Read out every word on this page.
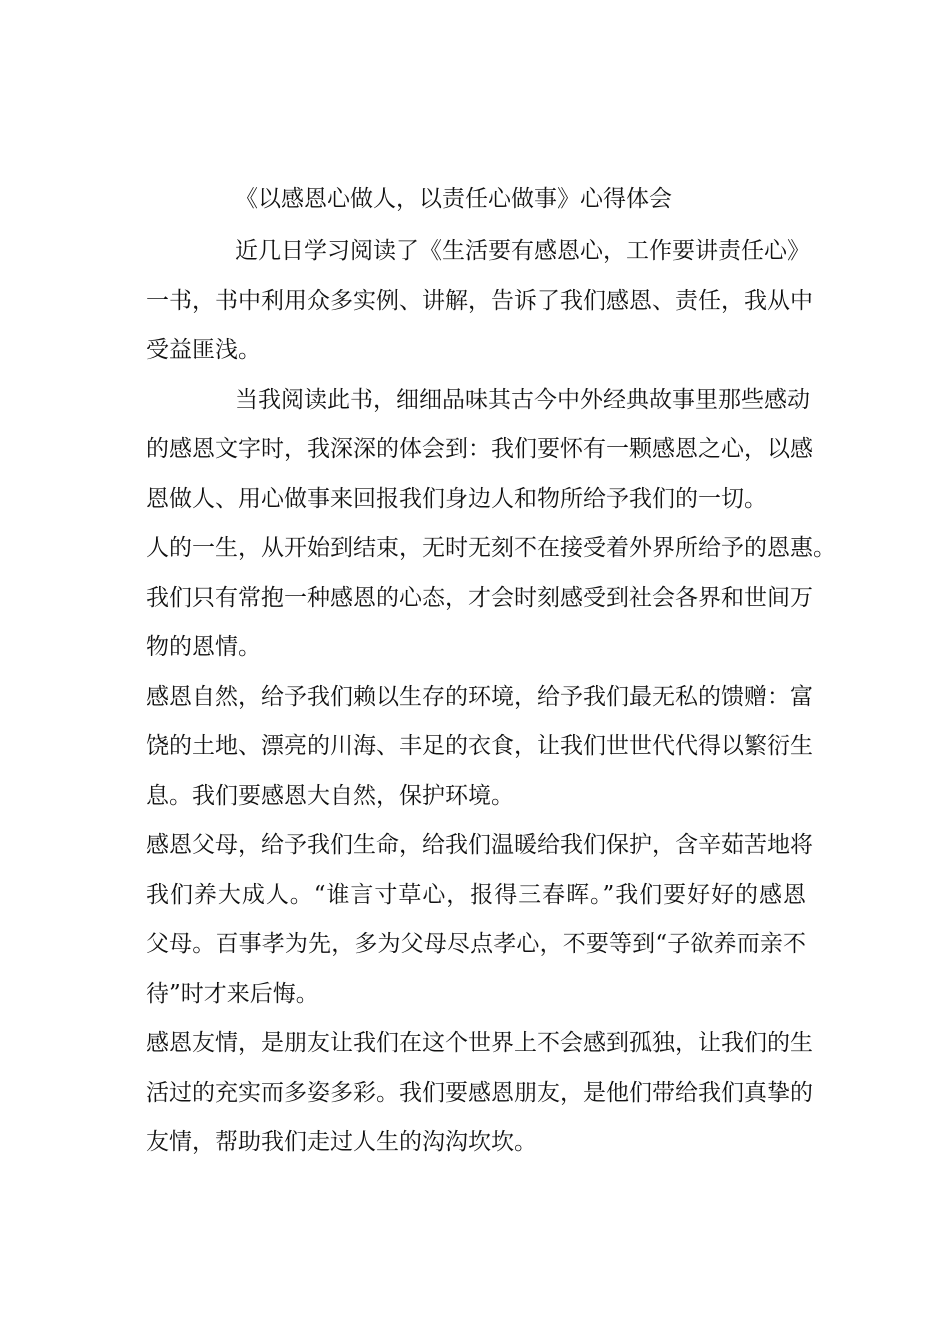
《以感恩心做人，以责任心做事》心得体会
近几日学习阅读了《生活要有感恩心，工作要讲责任心》
一书，书中利用众多实例、讲解，告诉了我们感恩、责任，我从中
受益匪浅。
当我阅读此书，细细品味其古今中外经典故事里那些感动
的感恩文字时，我深深的体会到：我们要怀有一颗感恩之心，以感
恩做人、用心做事来回报我们身边人和物所给予我们的一切。
人的一生，从开始到结束，无时无刻不在接受着外界所给予的恩惠。
我们只有常抱一种感恩的心态，才会时刻感受到社会各界和世间万
物的恩情。
感恩自然，给予我们赖以生存的环境，给予我们最无私的馈赠：富
饶的土地、漂亮的川海、丰足的衣食，让我们世世代代得以繁衍生
息。我们要感恩大自然，保护环境。
感恩父母，给予我们生命，给我们温暖给我们保护，含辛茹苦地将
我们养大成人。“谁言寸草心，报得三春晖。”我们要好好的感恩
父母。百事孝为先，多为父母尽点孝心，不要等到“子欲养而亲不
待”时才来后悔。
感恩友情，是朋友让我们在这个世界上不会感到孤独，让我们的生
活过的充实而多姿多彩。我们要感恩朋友，是他们带给我们真挚的
友情，帮助我们走过人生的沟沟坎坎。
